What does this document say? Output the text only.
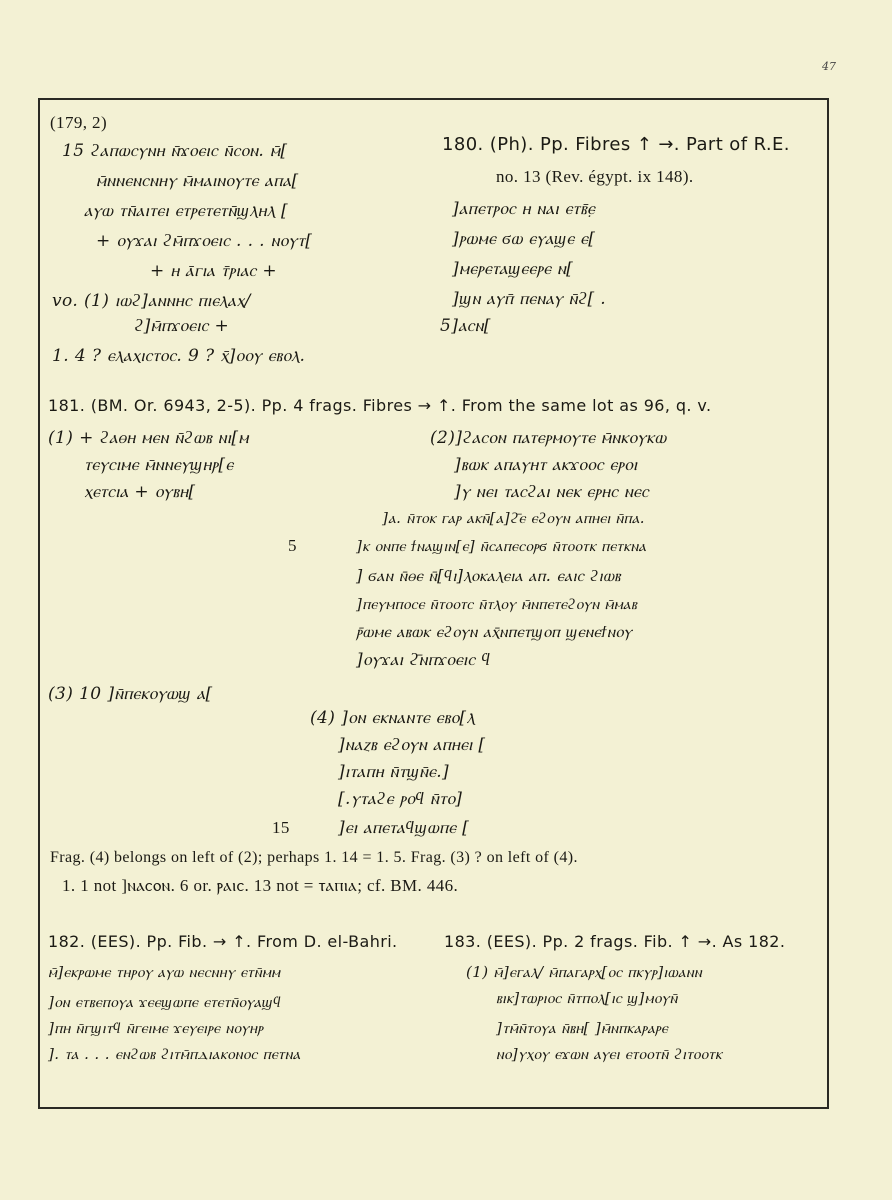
47
(179, 2)
15 ϩⲁⲡⲱⲥⲩⲛⲏ ⲛ̄ϫⲟⲉⲓⲥ ⲛ̄ⲥⲟⲛ. ⲙ̄[
ⲙ̄ⲛⲛⲉⲛⲥⲛⲏⲩ ⲙ̄ⲙⲁⲓⲛⲟⲩⲧⲉ ⲁⲡⲁ[
ⲁⲩⲱ ⲧⲛ̄ⲁⲓⲧⲉⲓ ⲉⲧⲣⲉⲧⲉⲧⲛ̄ϣⲗⲏⲗ [
+ ⲟⲩϫⲁⲓ ϩⲙ̄ⲡϫⲟⲉⲓⲥ . . . ⲛⲟⲩⲧ[
+ ⲏ ⲁ̄ⲅⲓⲁ ⲧ̄ⲣⲓⲁⲥ +
vo. (1) ⲓⲱϩ]ⲁⲛⲛⲏⲥ ⲡⲓⲉⲗⲁⲭ/
ϩ]ⲙ̄ⲡϫⲟⲉⲓⲥ +
1. 4 ? ⲉⲗⲁⲭⲓⲥⲧⲟⲥ. 9 ? ⲭ̄]ⲟⲟⲩ ⲉⲃⲟⲗ.
180. (Ph). Pp. Fibres ↑ →. Part of R.E.
no. 13 (Rev. égypt. ix 148).
]ⲁⲡⲉⲧⲣⲟⲥ ⲏ ⲛⲁⲓ ⲉⲧⲃ̄ⲉ̣
]ⲣⲱⲙⲉ ϭⲱ ⲉⲩⲁϣⲉ ⲉ[
]ⲙⲉⲣⲉⲧⲁϣⲉⲉⲣⲉ ⲛ[
]ϣⲛ ⲁⲩⲡ̄ ⲡⲉⲛⲁⲩ ⲛ̄ϩ[ .
5]ⲁⲥⲛ[
181. (BM. Or. 6943, 2-5). Pp. 4 frags. Fibres → ↑. From the same lot as 96, q. v.
(1) + ϩⲁⲑⲏ ⲙⲉⲛ ⲛ̄ϩⲱⲃ ⲛⲓ[ⲙ
ⲧⲉⲩⲥⲓⲙⲉ ⲙ̄ⲛⲛⲉⲩϣⲏⲣ[ⲉ
ⲭⲉⲧⲥⲓⲁ + ⲟⲩⲃⲏ[
(2)]ϩⲁⲥⲟⲛ ⲡⲁⲧⲉⲣⲙⲟⲩⲧⲉ ⲙ̄ⲛⲕⲟⲩⲕⲱ
]ⲃⲱⲕ ⲁⲡⲁⲩⲏⲧ ⲁⲕϫⲟⲟⲥ ⲉⲣⲟⲓ
]ⲩ ⲛⲉⲓ ⲧⲁⲥϩⲁⲓ ⲛⲉⲕ ⲉⲣⲏⲥ ⲛⲉⲥ
]ⲁ. ⲛ̄ⲧⲟⲕ ⲅⲁⲣ ⲁⲕⲛ̄[ⲁ]ϩ̄ⲉ ⲉϩⲟⲩⲛ ⲁⲡⲏⲉⲓ ⲛ̄ⲡⲁ.
5	]ⲕ ⲟⲛⲡⲉ ϯⲛⲁϣⲓⲛ[ⲉ] ⲛ̄ⲥⲁⲡⲉⲥⲟⲣϭ ⲛ̄ⲧⲟⲟⲧⲕ ⲡⲉⲧⲕⲛⲁ
] ϭⲁⲛ ⲛ̄ⲑⲉ ⲛ̄[ϥⲓ]ⲗⲟⲕⲁⲗⲉⲓⲁ ⲁⲡ. ⲉⲁⲓⲥ ϩⲓⲱⲃ
]ⲡⲉⲩⲙⲡⲟⲥⲉ ⲛ̄ⲧⲟⲟⲧⲥ ⲛ̄ⲧⲗⲟⲩ ⲙ̄ⲛⲡⲉⲧⲉϩⲟⲩⲛ ⲙ̄ⲙⲁⲃ
ⲣ̄ⲱⲙⲉ ⲁⲃⲱⲕ ⲉϩⲟⲩⲛ ⲁⲭ̄ⲛⲡⲉⲧϣⲟⲡ ϣⲉⲛⲉϯⲛⲟⲩ
]ⲟⲩϫⲁⲓ ϩ̄ⲛⲡϫⲟⲉⲓⲥ ϥ
(3) 10 ]ⲛ̄ⲡⲉⲕⲟⲩⲱϣ ⲁ[
(4) ]ⲟⲛ ⲉⲕⲛⲁⲛⲧⲉ ⲉⲃⲟ[ⲗ
]ⲛⲁⲍⲃ ⲉϩⲟⲩⲛ ⲁⲡⲏⲉⲓ [
]ⲓⲧⲁⲡⲏ ⲛ̄ⲧϣⲛ̄ⲉ.]
[.ⲩⲧⲁϩⲉ ⲣⲟϥ ⲛ̄ⲧⲟ]
15	]ⲉⲓ ⲁⲡⲉⲧⲁϥϣⲱⲡⲉ [
Frag. (4) belongs on left of (2); perhaps 1. 14 = 1. 5. Frag. (3) ? on left of (4).
1. 1 not ]ⲛⲁⲥⲟⲛ. 6 or. ⲣⲁⲓⲥ. 13 not = ⲧⲁⲡⲓⲁ; cf. BM. 446.
182. (EES). Pp. Fib. → ↑. From D. el-Bahri.
ⲙ̄]ⲉⲕⲣⲱⲙⲉ ⲧⲏⲣⲟⲩ ⲁⲩⲱ ⲛⲉⲥⲛⲏⲩ ⲉⲧⲛ̄ⲙⲙ
]ⲟⲛ ⲉⲧⲃⲉⲡⲟⲩⲁ ϫⲉⲉϣⲱⲡⲉ ⲉⲧⲉⲧⲛ̄ⲟⲩⲁϣϥ
]ⲡⲏ ⲛ̄ⲅϣⲓⲧϥ ⲛ̄ⲅⲉⲓⲙⲉ ϫⲉⲩⲉⲓⲣⲉ ⲛⲟⲩⲏⲣ
]. ⲧⲁ . . . ⲉⲛϩⲱⲃ ϩⲓⲧⲙ̄ⲡⲇⲓⲁⲕⲟⲛⲟⲥ ⲡⲉⲧⲛⲁ
183. (EES). Pp. 2 frags. Fib. ↑ →. As 182.
(1) ⲙ̄]ⲉⲅⲁⲗ/ ⲙ̄ⲡⲁⲅⲁⲣⲭ[ⲟⲥ ⲡⲕⲩⲣ]ⲓⲱⲁⲛⲛ
ⲃⲓⲕ]ⲧⲱⲣⲓⲟⲥ ⲛ̄ⲧⲡⲟⲗ[ⲓⲥ ϣ]ⲙⲟⲩⲛ̄
]ⲧⲙ̄ⲛ̄ⲧⲟⲩⲁ ⲛ̄ⲃⲏ[ ]ⲙ̄ⲛⲡⲕⲁⲣⲁⲣⲉ
ⲛⲟ]ⲩⲭⲟⲩ ⲉϫⲱⲛ ⲁⲩⲉⲓ ⲉⲧⲟⲟⲧⲛ̄ ϩⲓⲧⲟⲟⲧⲕ
